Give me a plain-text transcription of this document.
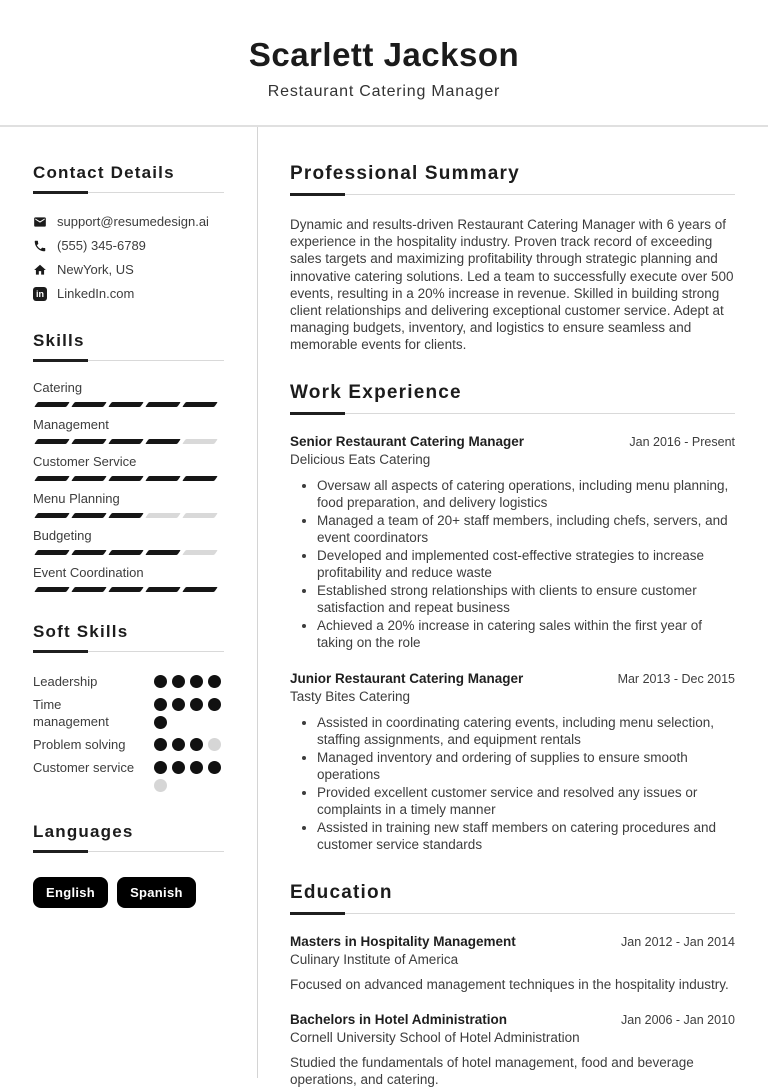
Scarlett Jackson
Restaurant Catering Manager
Contact Details
support@resumedesign.ai
(555) 345-6789
NewYork, US
in LinkedIn.com
Skills
Catering
Management
Customer Service
Menu Planning
Budgeting
Event Coordination
Soft Skills
Leadership
Time management
Problem solving
Customer service
Languages
English	Spanish
Professional Summary

Dynamic and results-driven Restaurant Catering Manager with 6 years of experience in the hospitality industry. Proven track record of exceeding sales targets and maximizing profitability through strategic planning and innovative catering solutions. Led a team to successfully execute over 500 events, resulting in a 20% increase in revenue. Skilled in building strong client relationships and delivering exceptional customer service. Adept at managing budgets, inventory, and logistics to ensure seamless and memorable events for clients.

Work Experience
Senior Restaurant Catering Manager	Jan 2016 - Present
Delicious Eats Catering
• Oversaw all aspects of catering operations, including menu planning, food preparation, and delivery logistics
• Managed a team of 20+ staff members, including chefs, servers, and event coordinators
• Developed and implemented cost-effective strategies to increase profitability and reduce waste
• Established strong relationships with clients to ensure customer satisfaction and repeat business
• Achieved a 20% increase in catering sales within the first year of taking on the role
Junior Restaurant Catering Manager	Mar 2013 - Dec 2015
Tasty Bites Catering
• Assisted in coordinating catering events, including menu selection, staffing assignments, and equipment rentals
• Managed inventory and ordering of supplies to ensure smooth operations
• Provided excellent customer service and resolved any issues or complaints in a timely manner
• Assisted in training new staff members on catering procedures and customer service standards
Education
Masters in Hospitality Management	Jan 2012 - Jan 2014
Culinary Institute of America

Focused on advanced management techniques in the hospitality industry.

Bachelors in Hotel Administration	Jan 2006 - Jan 2010
Cornell University School of Hotel Administration

Studied the fundamentals of hotel management, food and beverage operations, and catering.
